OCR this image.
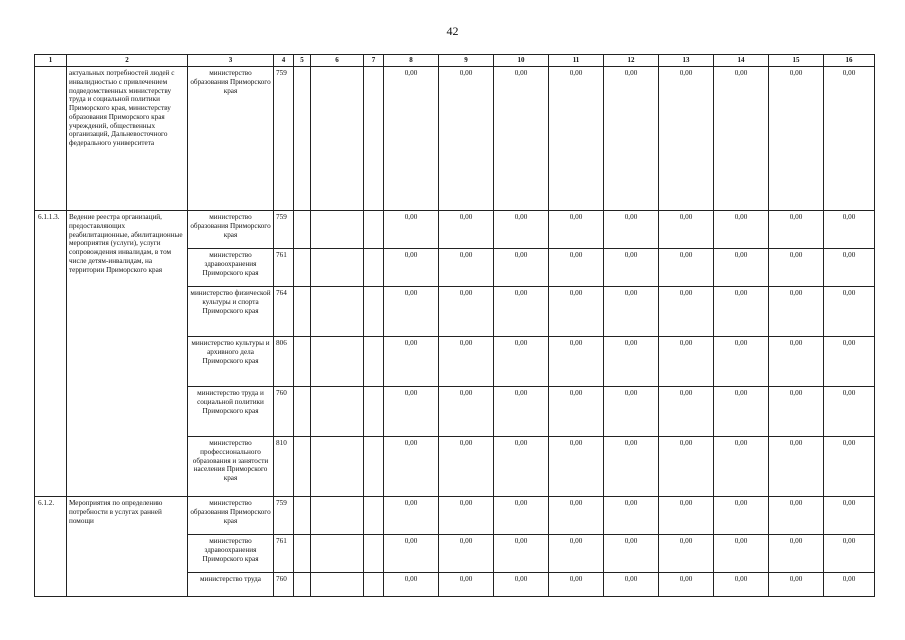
42
1	2	3	4	5	6	7	8	9	10	11	12	13	14	15	16
	актуальных потребностей людей с инвалидностью с привлечением подведомственных министерству труда и социальной политики Приморского края, министерству образования Приморского края учреждений, общественных организаций, Дальневосточного федерального университета	министерство образования Приморского края	759				0,00	0,00	0,00	0,00	0,00	0,00	0,00	0,00	0,00
6.1.1.3.	Ведение реестра организаций, предоставляющих реабилитационные, абилитационные мероприятия (услуги), услуги сопровождения инвалидам, в том числе детям-инвалидам, на территории Приморского края	министерство образования Приморского края	759				0,00	0,00	0,00	0,00	0,00	0,00	0,00	0,00	0,00
		министерство здравоохранения Приморского края	761				0,00	0,00	0,00	0,00	0,00	0,00	0,00	0,00	0,00
		министерство физической культуры и спорта Приморского края	764				0,00	0,00	0,00	0,00	0,00	0,00	0,00	0,00	0,00
		министерство культуры и архивного дела Приморского края	806				0,00	0,00	0,00	0,00	0,00	0,00	0,00	0,00	0,00
		министерство труда и социальной политики Приморского края	760				0,00	0,00	0,00	0,00	0,00	0,00	0,00	0,00	0,00
		министерство профессионального образования и занятости населения Приморского края	810				0,00	0,00	0,00	0,00	0,00	0,00	0,00	0,00	0,00
6.1.2.	Мероприятия по определению потребности в услугах ранней помощи	министерство образования Приморского края	759				0,00	0,00	0,00	0,00	0,00	0,00	0,00	0,00	0,00
		министерство здравоохранения Приморского края	761				0,00	0,00	0,00	0,00	0,00	0,00	0,00	0,00	0,00
		министерство труда	760				0,00	0,00	0,00	0,00	0,00	0,00	0,00	0,00	0,00
